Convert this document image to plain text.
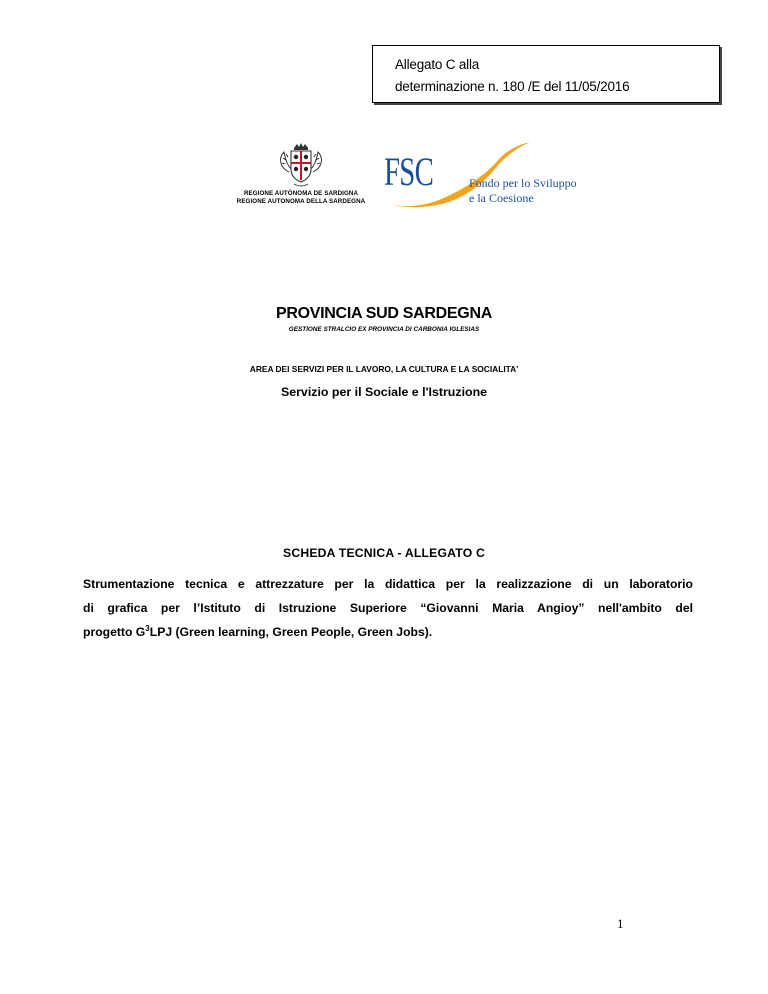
Allegato C alla
determinazione n. 180 /E del 11/05/2016
REGIONE AUTÒNOMA DE SARDIGNA
REGIONE AUTONOMA DELLA SARDEGNA
FSC	Fondo per lo Sviluppo
e la Coesione
PROVINCIA SUD SARDEGNA
GESTIONE STRALCIO EX PROVINCIA DI CARBONIA IGLESIAS
AREA DEI SERVIZI PER IL LAVORO, LA CULTURA E LA SOCIALITA'
Servizio per il Sociale e l'Istruzione
SCHEDA TECNICA - ALLEGATO C
Strumentazione tecnica e attrezzature per la didattica per la realizzazione di un laboratorio
di grafica per l’Istituto di Istruzione Superiore “Giovanni Maria Angioy” nell'ambito del
progetto $G^3LPJ$ (Green learning, Green People, Green Jobs).
1
